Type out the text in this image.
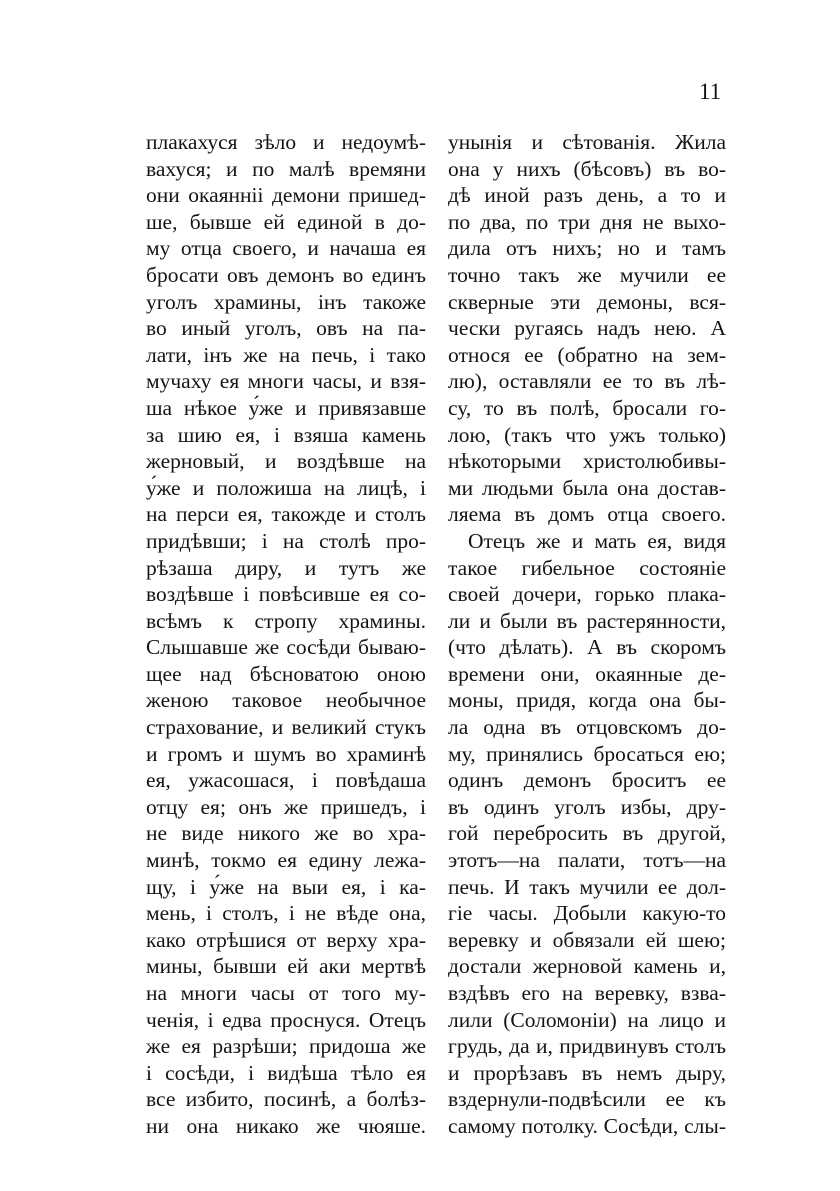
11
плакахуся зѣло и недоумѣ-
вахуся; и по малѣ времяни
они окаяннiі демони пришед-
ше, бывше ей единой в до-
му отца своего, и начаша ея
бросати овъ демонъ во единъ
уголъ храмины, інъ такоже
во иный уголъ, овъ на па-
лати, інъ же на печь, і тако
мучаху ея многи часы, и взя-
ша нѣкое у́же и привязавше
за шию ея, і взяша камень
жерновый, и воздѣвше на
у́же и положиша на лицѣ, і
на перси ея, такожде и столъ
придѣвши; і на столѣ про-
рѣзаша диру, и тутъ же
воздѣвше і повѣсивше ея со-
всѣмъ к стропу храмины.
Слышавше же сосѣди бываю-
щее над бѣсноватою оною
женою таковое необычное
страхование, и великий стукъ
и громъ и шумъ во храминѣ
ея, ужасошася, і повѣдаша
отцу ея; онъ же пришедъ, і
не виде никого же во хра-
минѣ, токмо ея едину лежа-
щу, і у́же на выи ея, і ка-
мень, і столъ, і не вѣде она,
како отрѣшися от верху хра-
мины, бывши ей аки мертвѣ
на многи часы от того му-
ченiя, і едва проснуся. Отецъ
же ея разрѣши; придоша же
і сосѣди, і видѣша тѣло ея
все избито, посинѣ, а болѣз-
ни она никако же чюяше.
унынiя и сѣтованiя. Жила
она у нихъ (бѣсовъ) въ во-
дѣ иной разъ день, а то и
по два, по три дня не выхо-
дила отъ нихъ; но и тамъ
точно такъ же мучили ее
скверные эти демоны, вся-
чески ругаясь надъ нею. А
относя ее (обратно на зем-
лю), оставляли ее то въ лѣ-
су, то въ полѣ, бросали го-
лою, (такъ что ужъ только)
нѣкоторыми христолюбивы-
ми людьми была она достав-
ляема въ домъ отца своего.
Отецъ же и мать ея, видя
такое гибельное состоянiе
своей дочери, горько плака-
ли и были въ растерянности,
(что дѣлать). А въ скоромъ
времени они, окаянные де-
моны, придя, когда она бы-
ла одна въ отцовскомъ до-
му, принялись бросаться ею;
одинъ демонъ броситъ ее
въ одинъ уголъ избы, дру-
гой перебросить въ другой,
этотъ—на палати, тотъ—на
печь. И такъ мучили ее дол-
гiе часы. Добыли какую-то
веревку и обвязали ей шею;
достали жерновой камень и,
вздѣвъ его на веревку, взва-
лили (Соломонiи) на лицо и
грудь, да и, придвинувъ столъ
и прорѣзавъ въ немъ дыру,
вздернули-подвѣсили ее къ
самому потолку. Сосѣди, слы-
